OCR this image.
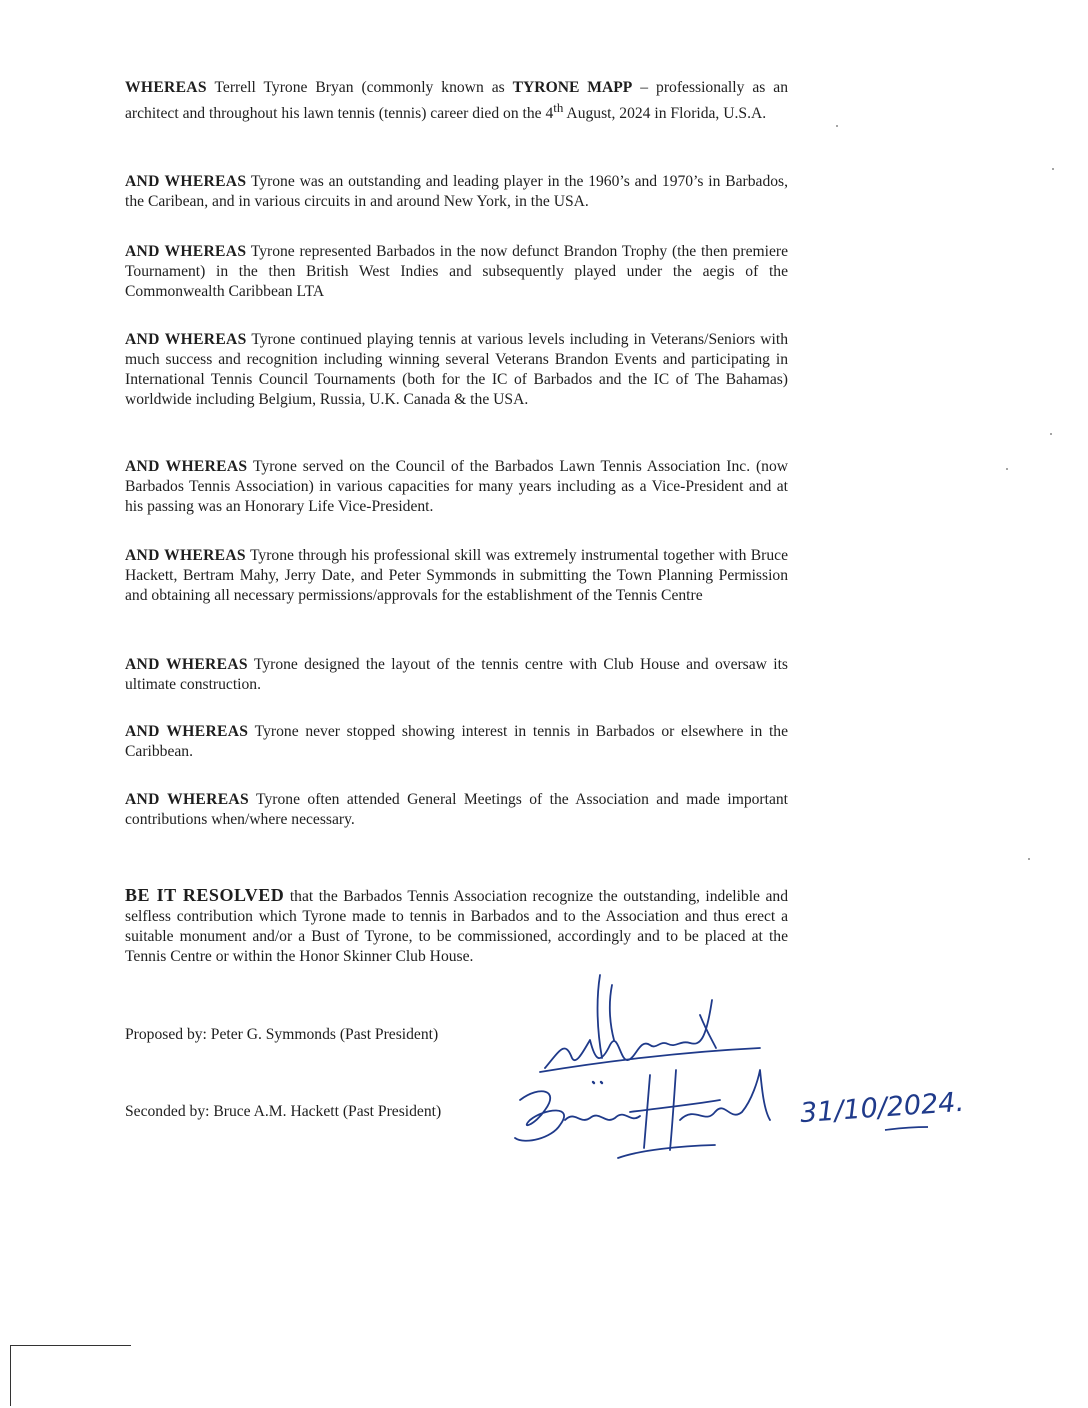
WHEREAS Terrell Tyrone Bryan (commonly known as TYRONE MAPP – professionally as an architect and throughout his lawn tennis (tennis) career died on the 4th August, 2024 in Florida, U.S.A.

AND WHEREAS Tyrone was an outstanding and leading player in the 1960’s and 1970’s in Barbados, the Caribean, and in various circuits in and around New York, in the USA.

AND WHEREAS Tyrone represented Barbados in the now defunct Brandon Trophy (the then premiere Tournament) in the then British West Indies and subsequently played under the aegis of the Commonwealth Caribbean LTA

AND WHEREAS Tyrone continued playing tennis at various levels including in Veterans/Seniors with much success and recognition including winning several Veterans Brandon Events and participating in International Tennis Council Tournaments (both for the IC of Barbados and the IC of The Bahamas) worldwide including Belgium, Russia, U.K. Canada & the USA.

AND WHEREAS Tyrone served on the Council of the Barbados Lawn Tennis Association Inc. (now Barbados Tennis Association) in various capacities for many years including as a Vice-President and at his passing was an Honorary Life Vice-President.

AND WHEREAS Tyrone through his professional skill was extremely instrumental together with Bruce Hackett, Bertram Mahy, Jerry Date, and Peter Symmonds in submitting the Town Planning Permission and obtaining all necessary permissions/approvals for the establishment of the Tennis Centre

AND WHEREAS Tyrone designed the layout of the tennis centre with Club House and oversaw its ultimate construction.

AND WHEREAS Tyrone never stopped showing interest in tennis in Barbados or elsewhere in the Caribbean.

AND WHEREAS Tyrone often attended General Meetings of the Association and made important contributions when/where necessary.

BE IT RESOLVED that the Barbados Tennis Association recognize the outstanding, indelible and selfless contribution which Tyrone made to tennis in Barbados and to the Association and thus erect a suitable monument and/or a Bust of Tyrone, to be commissioned, accordingly and to be placed at the Tennis Centre or within the Honor Skinner Club House.

Proposed by: Peter G. Symmonds (Past President)
Seconded by: Bruce A.M. Hackett (Past President)	31/10/2024.
